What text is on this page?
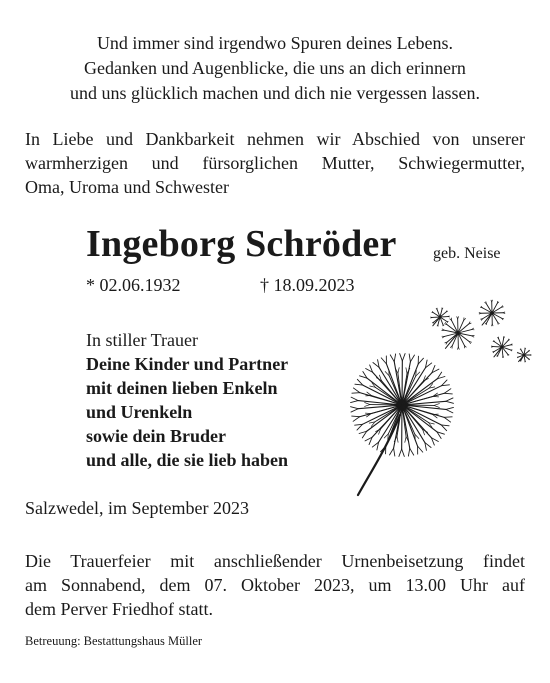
Und immer sind irgendwo Spuren deines Lebens.
Gedanken und Augenblicke, die uns an dich erinnern
und uns glücklich machen und dich nie vergessen lassen.
In Liebe und Dankbarkeit nehmen wir Abschied von unserer
warmherzigen und fürsorglichen Mutter, Schwiegermutter,
Oma, Uroma und Schwester
Ingeborg Schröder geb. Neise
* 02.06.1932	† 18.09.2023
In stiller Trauer
Deine Kinder und Partner
mit deinen lieben Enkeln
und Urenkeln
sowie dein Bruder
und alle, die sie lieb haben
Salzwedel, im September 2023
Die Trauerfeier mit anschließender Urnenbeisetzung findet
am Sonnabend, dem 07. Oktober 2023, um 13.00 Uhr auf
dem Perver Friedhof statt.
Betreuung: Bestattungshaus Müller
